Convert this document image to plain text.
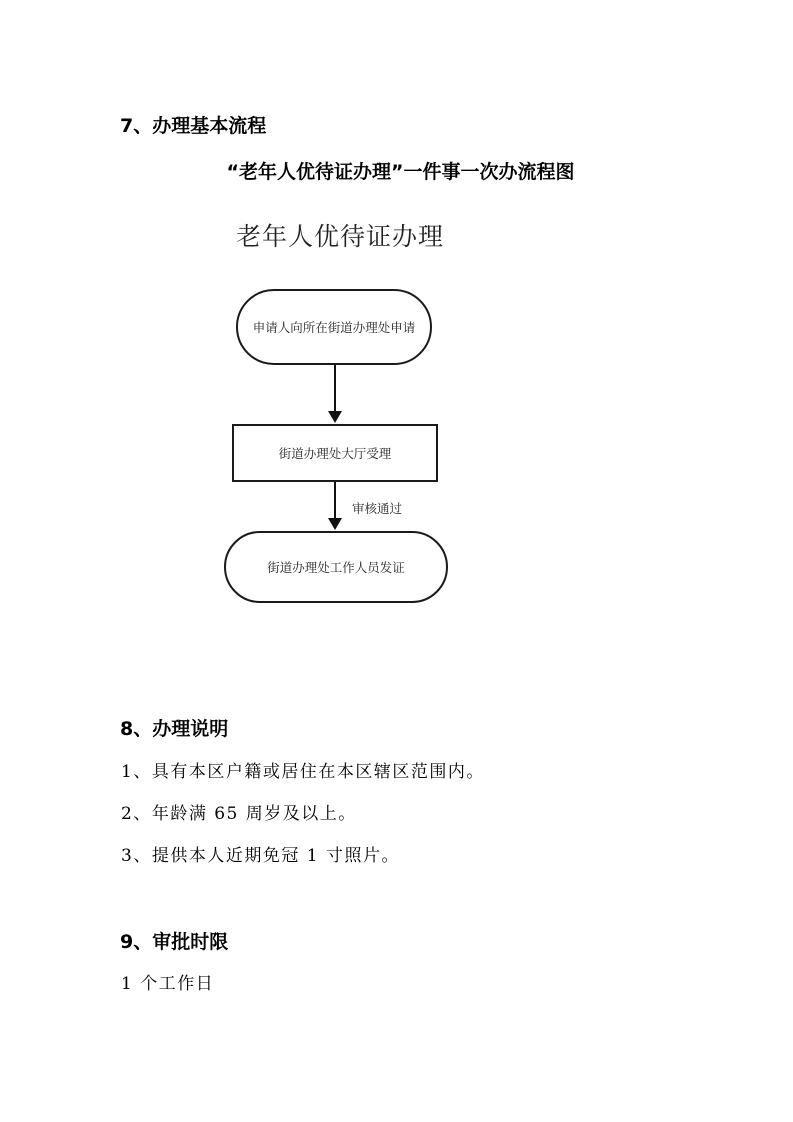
7、办理基本流程
“老年人优待证办理”一件事一次办流程图
老年人优待证办理
申请人向所在街道办理处申请
街道办理处大厅受理
街道办理处工作人员发证
审核通过
8、办理说明

1、具有本区户籍或居住在本区辖区范围内。

2、年龄满 65 周岁及以上。

3、提供本人近期免冠 1 寸照片。

9、审批时限

1 个工作日
